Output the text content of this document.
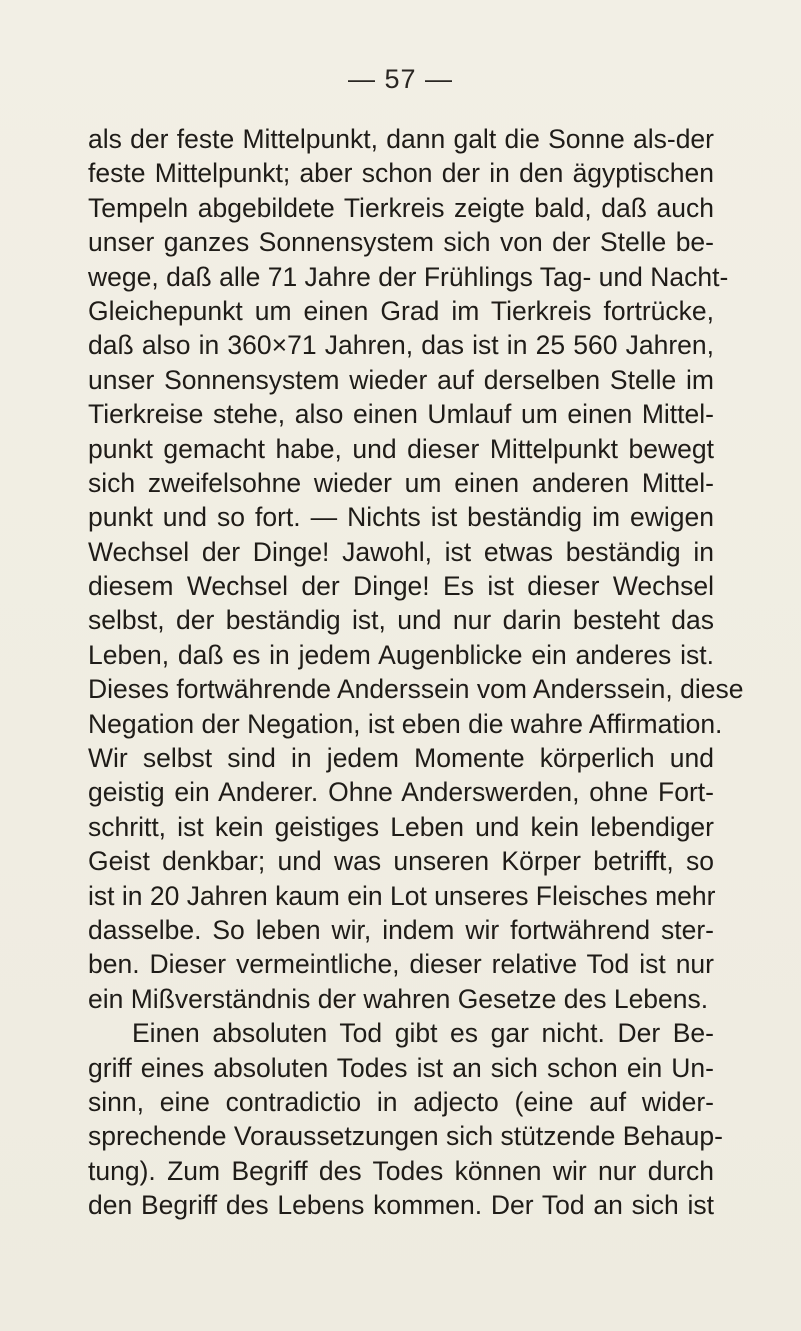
— 57 —
als der feste Mittelpunkt, dann galt die Sonne als-der
feste Mittelpunkt; aber schon der in den ägyptischen
Tempeln abgebildete Tierkreis zeigte bald, daß auch
unser ganzes Sonnensystem sich von der Stelle be-
wege, daß alle 71 Jahre der Frühlings Tag- und Nacht-
Gleichepunkt um einen Grad im Tierkreis fortrücke,
daß also in 360×71 Jahren, das ist in 25 560 Jahren,
unser Sonnensystem wieder auf derselben Stelle im
Tierkreise stehe, also einen Umlauf um einen Mittel-
punkt gemacht habe, und dieser Mittelpunkt bewegt
sich zweifelsohne wieder um einen anderen Mittel-
punkt und so fort. — Nichts ist beständig im ewigen
Wechsel der Dinge! Jawohl, ist etwas beständig in
diesem Wechsel der Dinge! Es ist dieser Wechsel
selbst, der beständig ist, und nur darin besteht das
Leben, daß es in jedem Augenblicke ein anderes ist.
Dieses fortwährende Anderssein vom Anderssein, diese
Negation der Negation, ist eben die wahre Affirmation.
Wir selbst sind in jedem Momente körperlich und
geistig ein Anderer. Ohne Anderswerden, ohne Fort-
schritt, ist kein geistiges Leben und kein lebendiger
Geist denkbar; und was unseren Körper betrifft, so
ist in 20 Jahren kaum ein Lot unseres Fleisches mehr
dasselbe. So leben wir, indem wir fortwährend ster-
ben. Dieser vermeintliche, dieser relative Tod ist nur
ein Mißverständnis der wahren Gesetze des Lebens.
Einen absoluten Tod gibt es gar nicht. Der Be-
griff eines absoluten Todes ist an sich schon ein Un-
sinn, eine contradictio in adjecto (eine auf wider-
sprechende Voraussetzungen sich stützende Behaup-
tung). Zum Begriff des Todes können wir nur durch
den Begriff des Lebens kommen. Der Tod an sich ist
